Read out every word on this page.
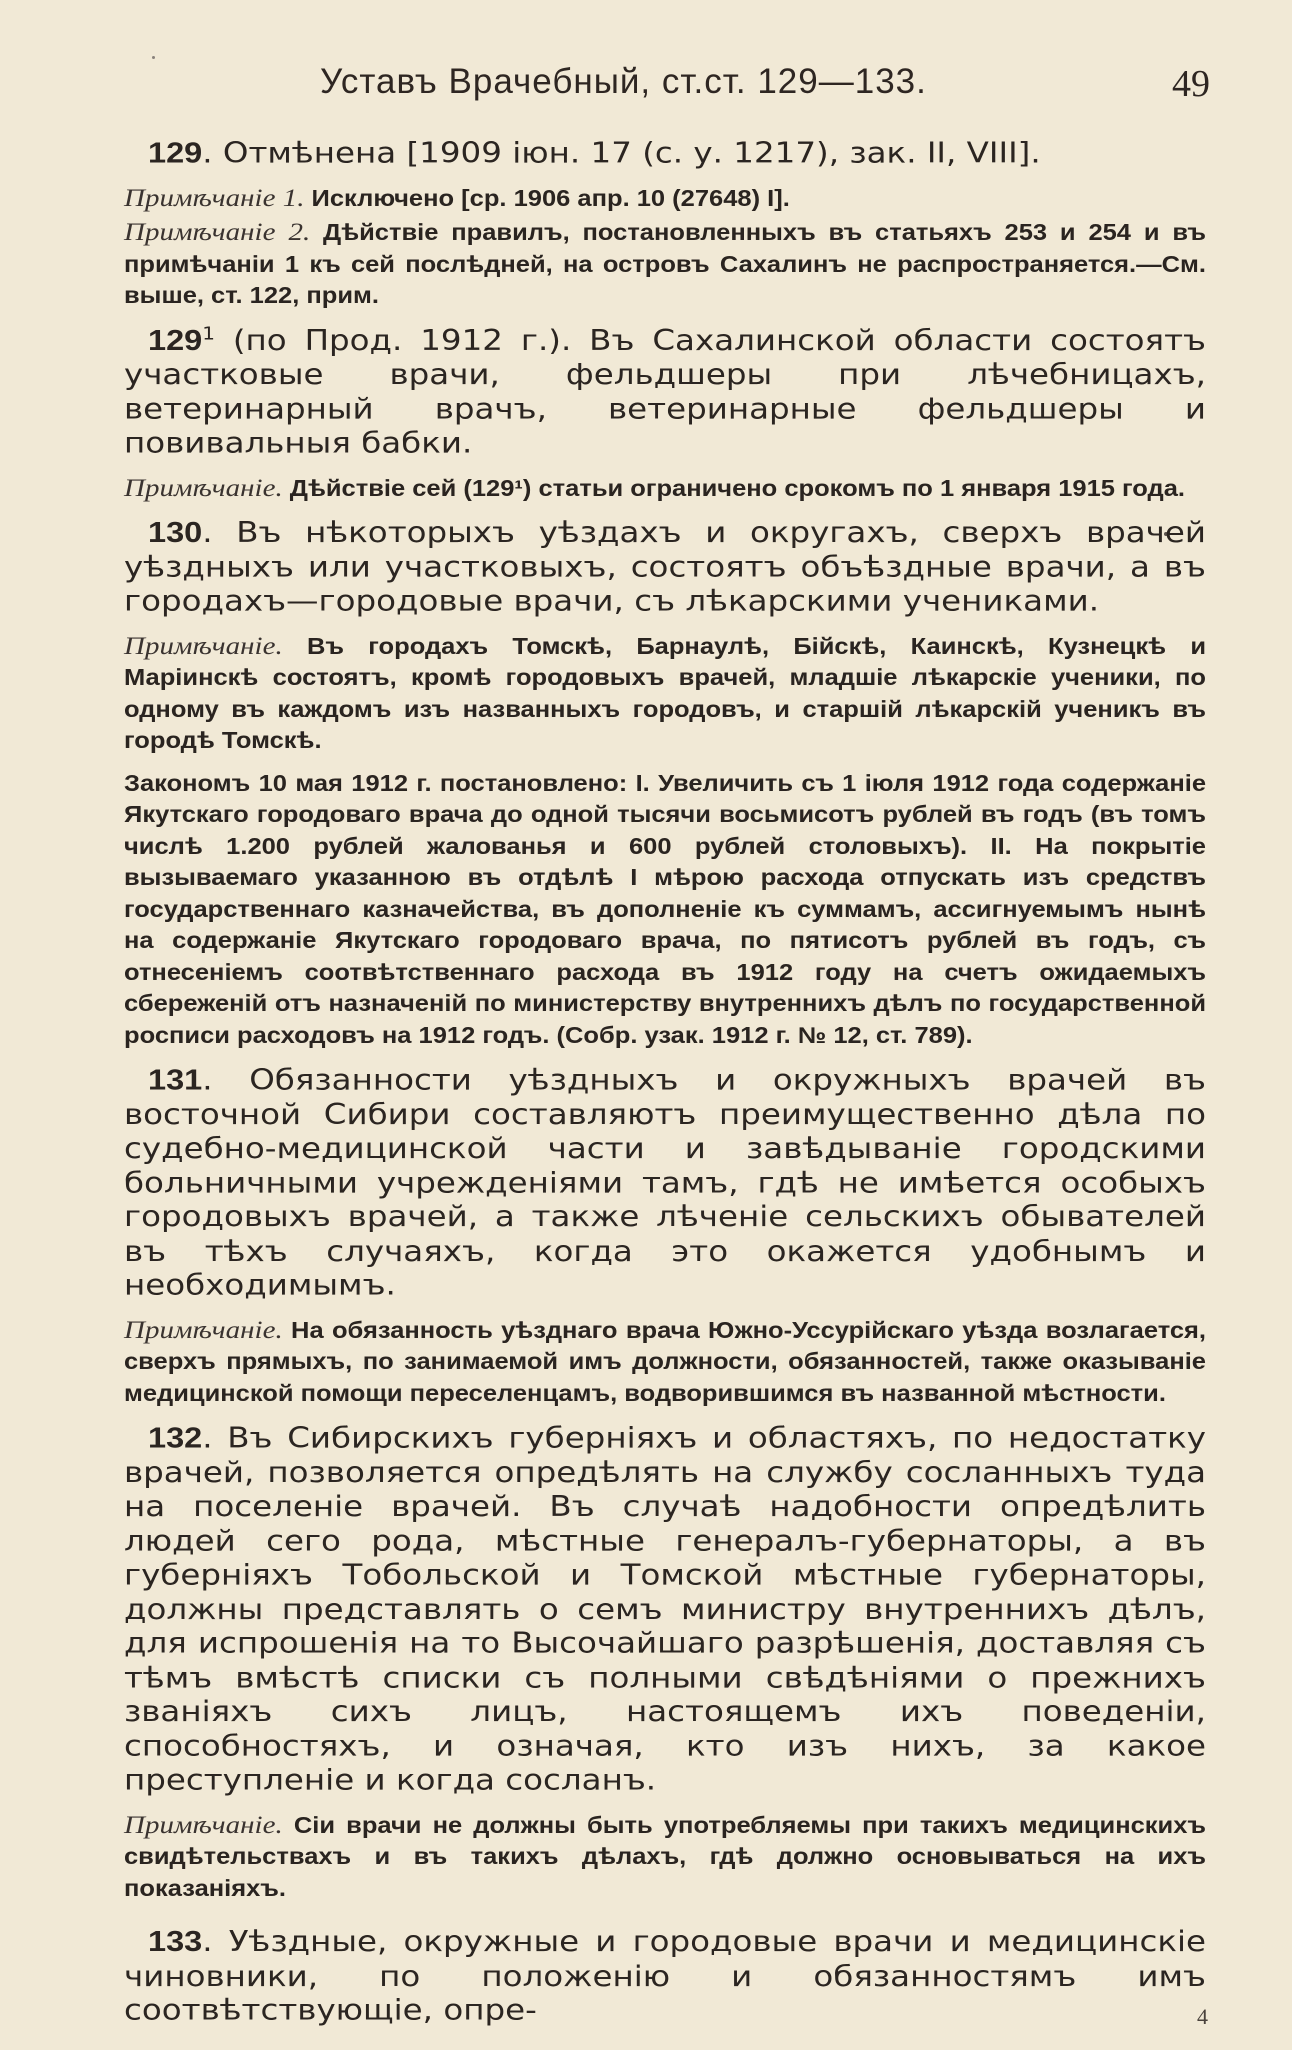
Уставъ Врачебный, ст.ст. 129—133.	49

129. Отмѣнена [1909 іюн. 17 (с. у. 1217), зак. II, VIII].

Примѣчаніе 1. Исключено [ср. 1906 апр. 10 (27648) I].

Примѣчаніе 2. Дѣйствіе правилъ, постановленныхъ въ статьяхъ 253 и 254 и въ примѣчаніи 1 къ сей послѣдней, на островъ Сахалинъ не распространяется.—См. выше, ст. 122, прим.

$129^1$ (по Прод. 1912 г.). Въ Сахалинской области состоятъ участковые врачи, фельдшеры при лѣчебницахъ, ветеринарный врачъ, ветеринарные фельдшеры и повивальныя бабки.

Примѣчаніе. Дѣйствіе сей (129¹) статьи ограничено срокомъ по 1 января 1915 года.

130. Въ нѣкоторыхъ уѣздахъ и округахъ, сверхъ врачей уѣздныхъ или участковыхъ, состоятъ объѣздные врачи, а въ городахъ—городовые врачи, съ лѣкарскими учениками.

Примѣчаніе. Въ городахъ Томскѣ, Барнаулѣ, Бійскѣ, Каинскѣ, Кузнецкѣ и Маріинскѣ состоятъ, кромѣ городовыхъ врачей, младшіе лѣкарскіе ученики, по одному въ каждомъ изъ названныхъ городовъ, и старшій лѣкарскій ученикъ въ городѣ Томскѣ.

Закономъ 10 мая 1912 г. постановлено: I. Увеличить съ 1 іюля 1912 года содержаніе Якутскаго городоваго врача до одной тысячи восьмисотъ рублей въ годъ (въ томъ числѣ 1.200 рублей жалованья и 600 рублей столовыхъ). II. На покрытіе вызываемаго указанною въ отдѣлѣ I мѣрою расхода отпускать изъ средствъ государственнаго казначейства, въ дополненіе къ суммамъ, ассигнуемымъ нынѣ на содержаніе Якутскаго городоваго врача, по пятисотъ рублей въ годъ, съ отнесеніемъ соотвѣтственнаго расхода въ 1912 году на счетъ ожидаемыхъ сбереженій отъ назначеній по министерству внутреннихъ дѣлъ по государственной росписи расходовъ на 1912 годъ. (Собр. узак. 1912 г. № 12, ст. 789).

131. Обязанности уѣздныхъ и окружныхъ врачей въ восточной Сибири составляютъ преимущественно дѣла по судебно-медицинской части и завѣдываніе городскими больничными учрежденіями тамъ, гдѣ не имѣется особыхъ городовыхъ врачей, а также лѣченіе сельскихъ обывателей въ тѣхъ случаяхъ, когда это окажется удобнымъ и необходимымъ.

Примѣчаніе. На обязанность уѣзднаго врача Южно-Уссурійскаго уѣзда возлагается, сверхъ прямыхъ, по занимаемой имъ должности, обязанностей, также оказываніе медицинской помощи переселенцамъ, водворившимся въ названной мѣстности.

132. Въ Сибирскихъ губерніяхъ и областяхъ, по недостатку врачей, позволяется опредѣлять на службу сосланныхъ туда на поселеніе врачей. Въ случаѣ надобности опредѣлить людей сего рода, мѣстные генералъ-губернаторы, а въ губерніяхъ Тобольской и Томской мѣстные губернаторы, должны представлять о семъ министру внутреннихъ дѣлъ, для испрошенія на то Высочайшаго разрѣшенія, доставляя съ тѣмъ вмѣстѣ списки съ полными свѣдѣніями о прежнихъ званіяхъ сихъ лицъ, настоящемъ ихъ поведеніи, способностяхъ, и означая, кто изъ нихъ, за какое преступленіе и когда сосланъ.

Примѣчаніе. Сіи врачи не должны быть употребляемы при такихъ медицинскихъ свидѣтельствахъ и въ такихъ дѣлахъ, гдѣ должно основываться на ихъ показаніяхъ.

133. Уѣздные, окружные и городовые врачи и медицинскіе чиновники, по положенію и обязанностямъ имъ соотвѣтствующіе, опре-	4
